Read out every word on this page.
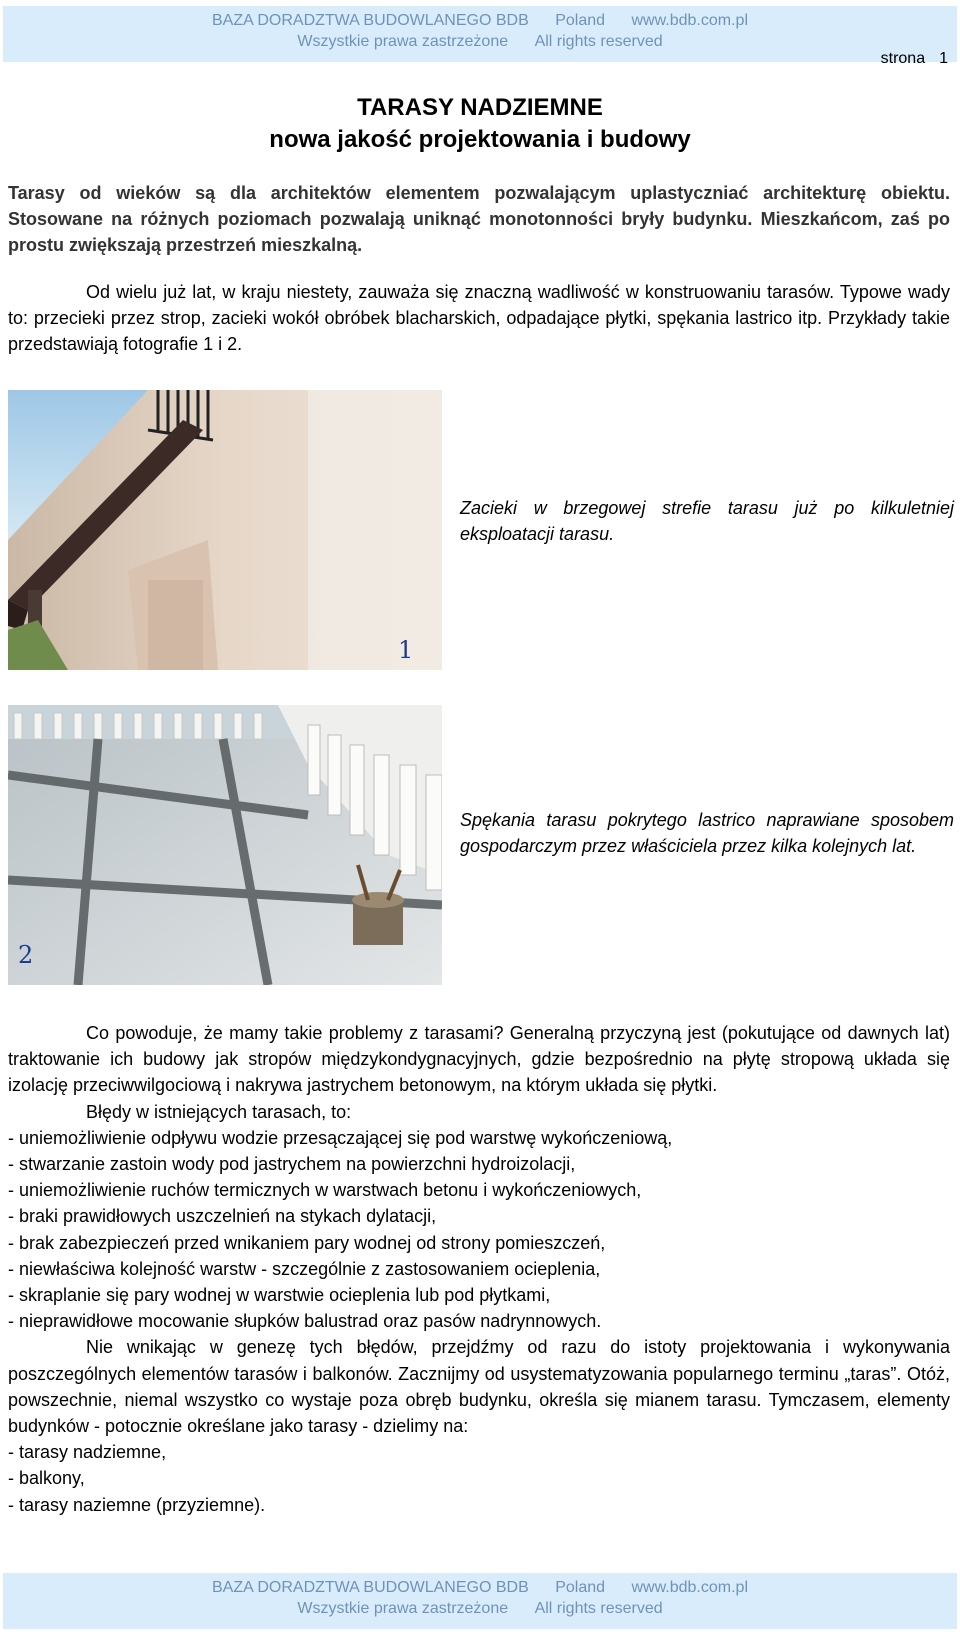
BAZA DORADZTWA BUDOWLANEGO BDB Poland www.bdb.com.pl
Wszystkie prawa zastrzeżone All rights reserved
strona 1
TARASY NADZIEMNE
nowa jakość projektowania i budowy

Tarasy od wieków są dla architektów elementem pozwalającym uplastyczniać architekturę obiektu. Stosowane na różnych poziomach pozwalają uniknąć monotonności bryły budynku. Mieszkańcom, zaś po prostu zwiększają przestrzeń mieszkalną.

Od wielu już lat, w kraju niestety, zauważa się znaczną wadliwość w konstruowaniu tarasów. Typowe wady to: przecieki przez strop, zacieki wokół obróbek blacharskich, odpadające płytki, spękania lastrico itp. Przykłady takie przedstawiają fotografie 1 i 2.

1
Zacieki w brzegowej strefie tarasu już po kilkuletniej eksploatacji tarasu.
2
Spękania tarasu pokrytego lastrico naprawiane sposobem gospodarczym przez właściciela przez kilka kolejnych lat.

Co powoduje, że mamy takie problemy z tarasami? Generalną przyczyną jest (pokutujące od dawnych lat) traktowanie ich budowy jak stropów międzykondygnacyjnych, gdzie bezpośrednio na płytę stropową układa się izolację przeciwwilgociową i nakrywa jastrychem betonowym, na którym układa się płytki.

Błędy w istniejących tarasach, to:

- uniemożliwienie odpływu wodzie przesączającej się pod warstwę wykończeniową,
- stwarzanie zastoin wody pod jastrychem na powierzchni hydroizolacji,
- uniemożliwienie ruchów termicznych w warstwach betonu i wykończeniowych,
- braki prawidłowych uszczelnień na stykach dylatacji,
- brak zabezpieczeń przed wnikaniem pary wodnej od strony pomieszczeń,
- niewłaściwa kolejność warstw - szczególnie z zastosowaniem ocieplenia,
- skraplanie się pary wodnej w warstwie ocieplenia lub pod płytkami,
- nieprawidłowe mocowanie słupków balustrad oraz pasów nadrynnowych.

Nie wnikając w genezę tych błędów, przejdźmy od razu do istoty projektowania i wykonywania poszczególnych elementów tarasów i balkonów. Zacznijmy od usystematyzowania popularnego terminu „taras”. Otóż, powszechnie, niemal wszystko co wystaje poza obręb budynku, określa się mianem tarasu. Tymczasem, elementy budynków - potocznie określane jako tarasy - dzielimy na:

- tarasy nadziemne,
- balkony,
- tarasy naziemne (przyziemne).
BAZA DORADZTWA BUDOWLANEGO BDB Poland www.bdb.com.pl
Wszystkie prawa zastrzeżone All rights reserved
